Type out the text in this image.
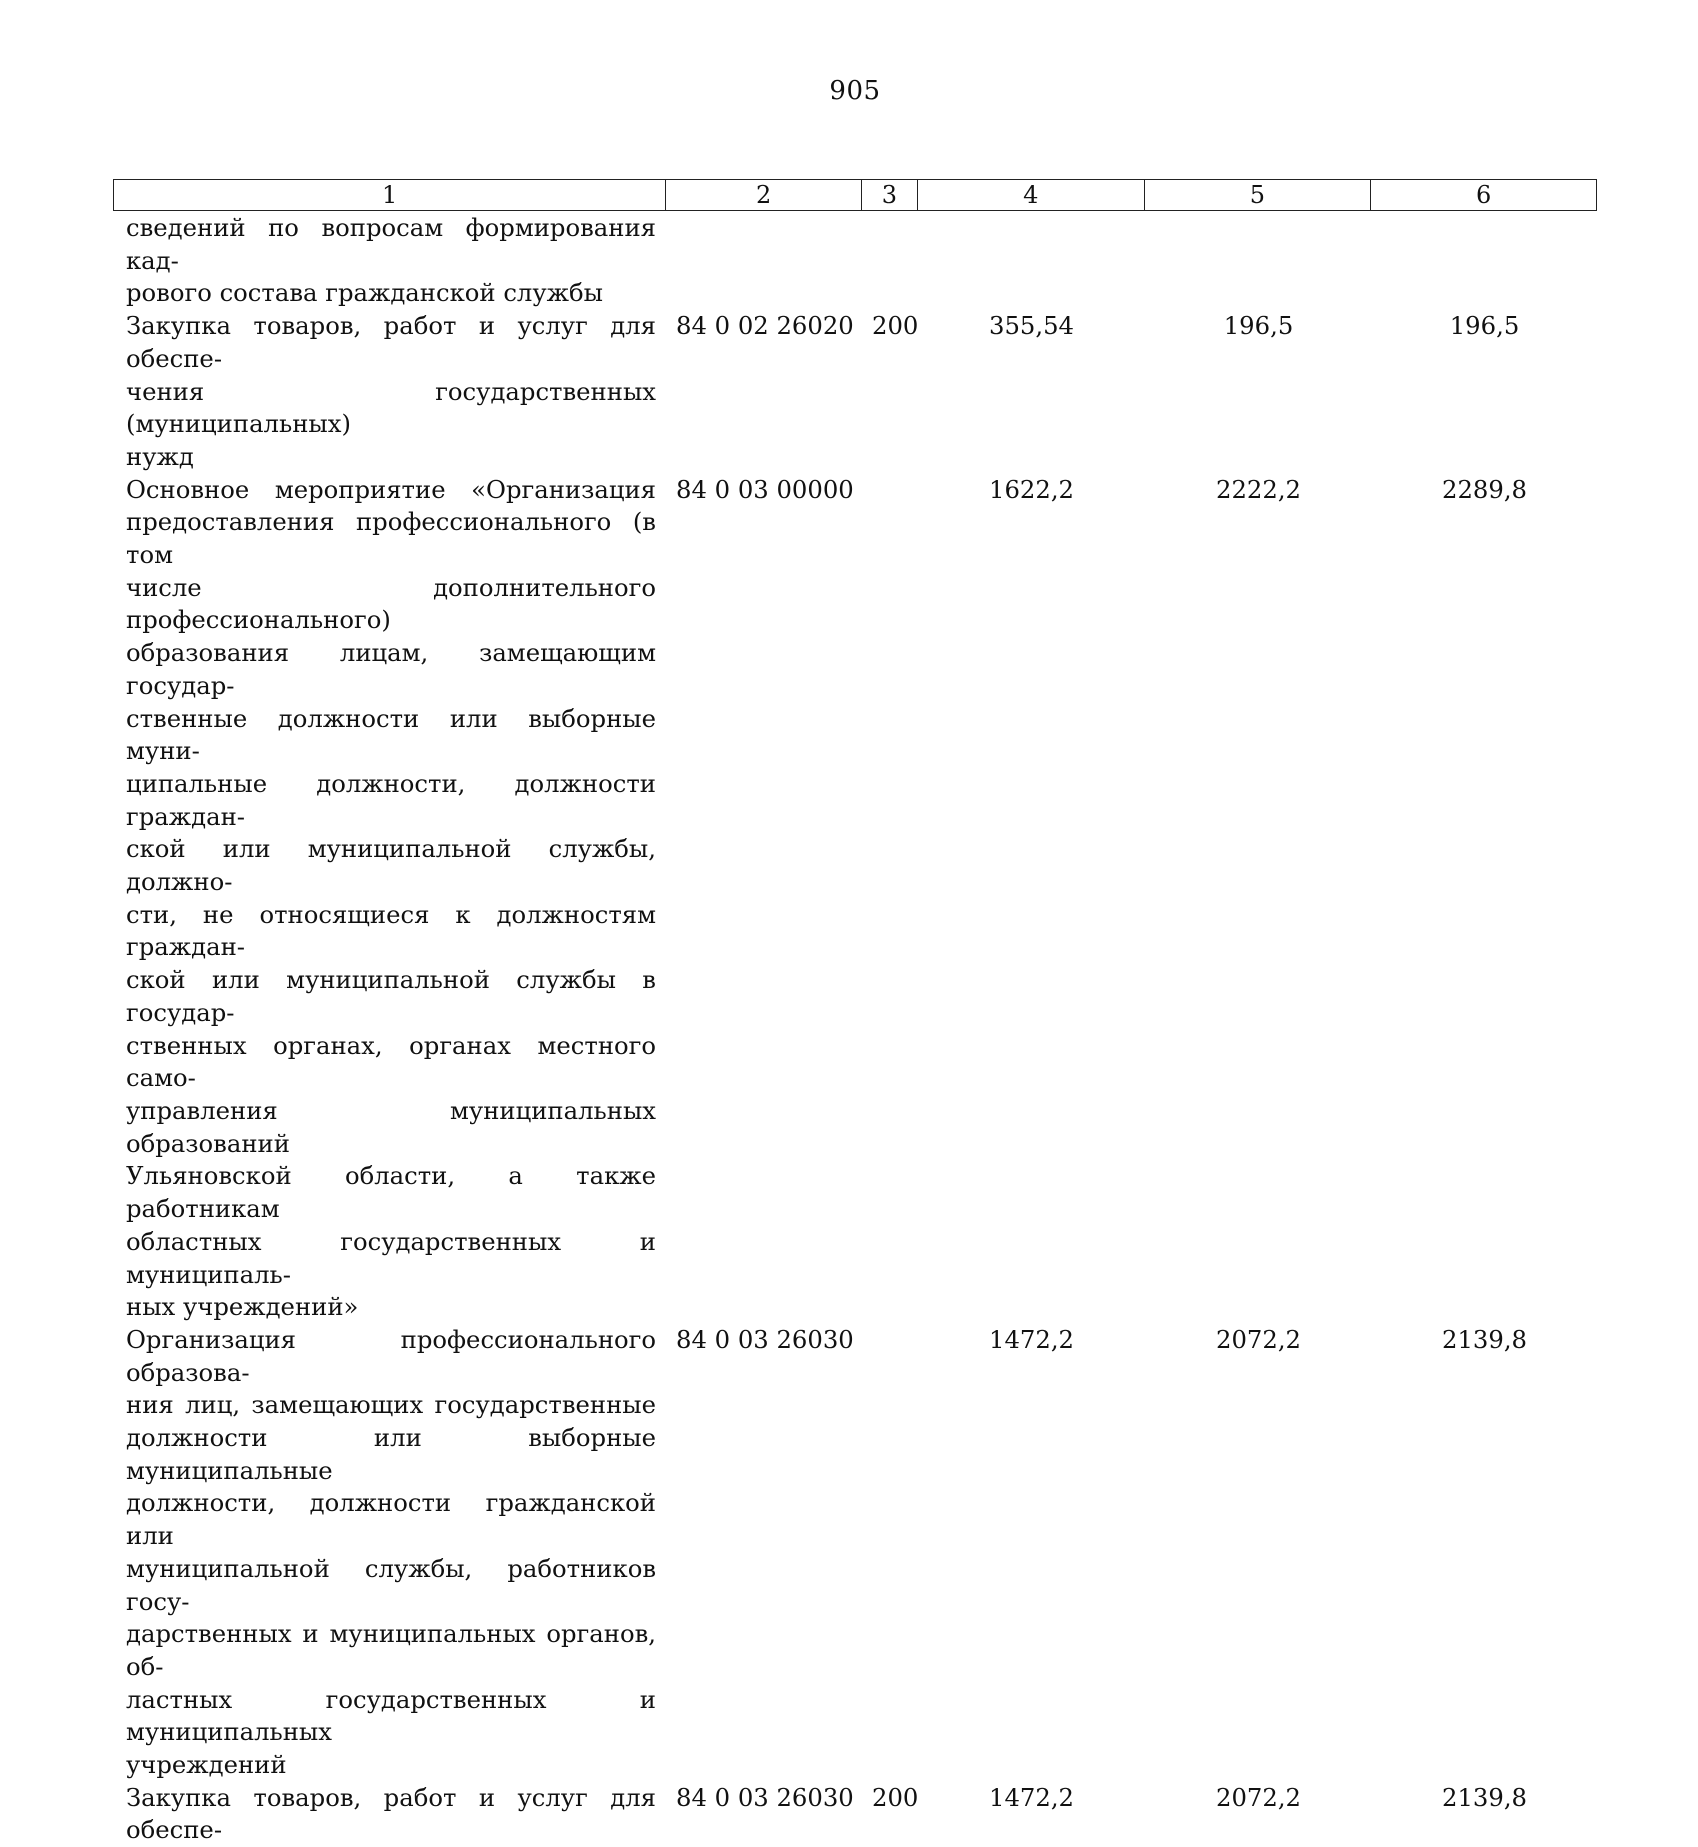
905
1	2	3	4	5	6
сведений по вопросам формирования кад-
рового состава гражданской службы
Закупка товаров, работ и услуг для обеспе-
чения государственных (муниципальных)
нужд
84 0 02 26020 200	355,54	196,5	196,5
Основное мероприятие «Организация
предоставления профессионального (в том
числе дополнительного профессионального)
образования лицам, замещающим государ-
ственные должности или выборные муни-
ципальные должности, должности граждан-
ской или муниципальной службы, должно-
сти, не относящиеся к должностям граждан-
ской или муниципальной службы в государ-
ственных органах, органах местного само-
управления муниципальных образований
Ульяновской области, а также работникам
областных государственных и муниципаль-
ных учреждений»
84 0 03 00000	1622,2	2222,2	2289,8
Организация профессионального образова-
ния лиц, замещающих государственные
должности или выборные муниципальные
должности, должности гражданской или
муниципальной службы, работников госу-
дарственных и муниципальных органов, об-
ластных государственных и муниципальных
учреждений
84 0 03 26030	1472,2	2072,2	2139,8
Закупка товаров, работ и услуг для обеспе-
84 0 03 26030 200	1472,2	2072,2	2139,8
